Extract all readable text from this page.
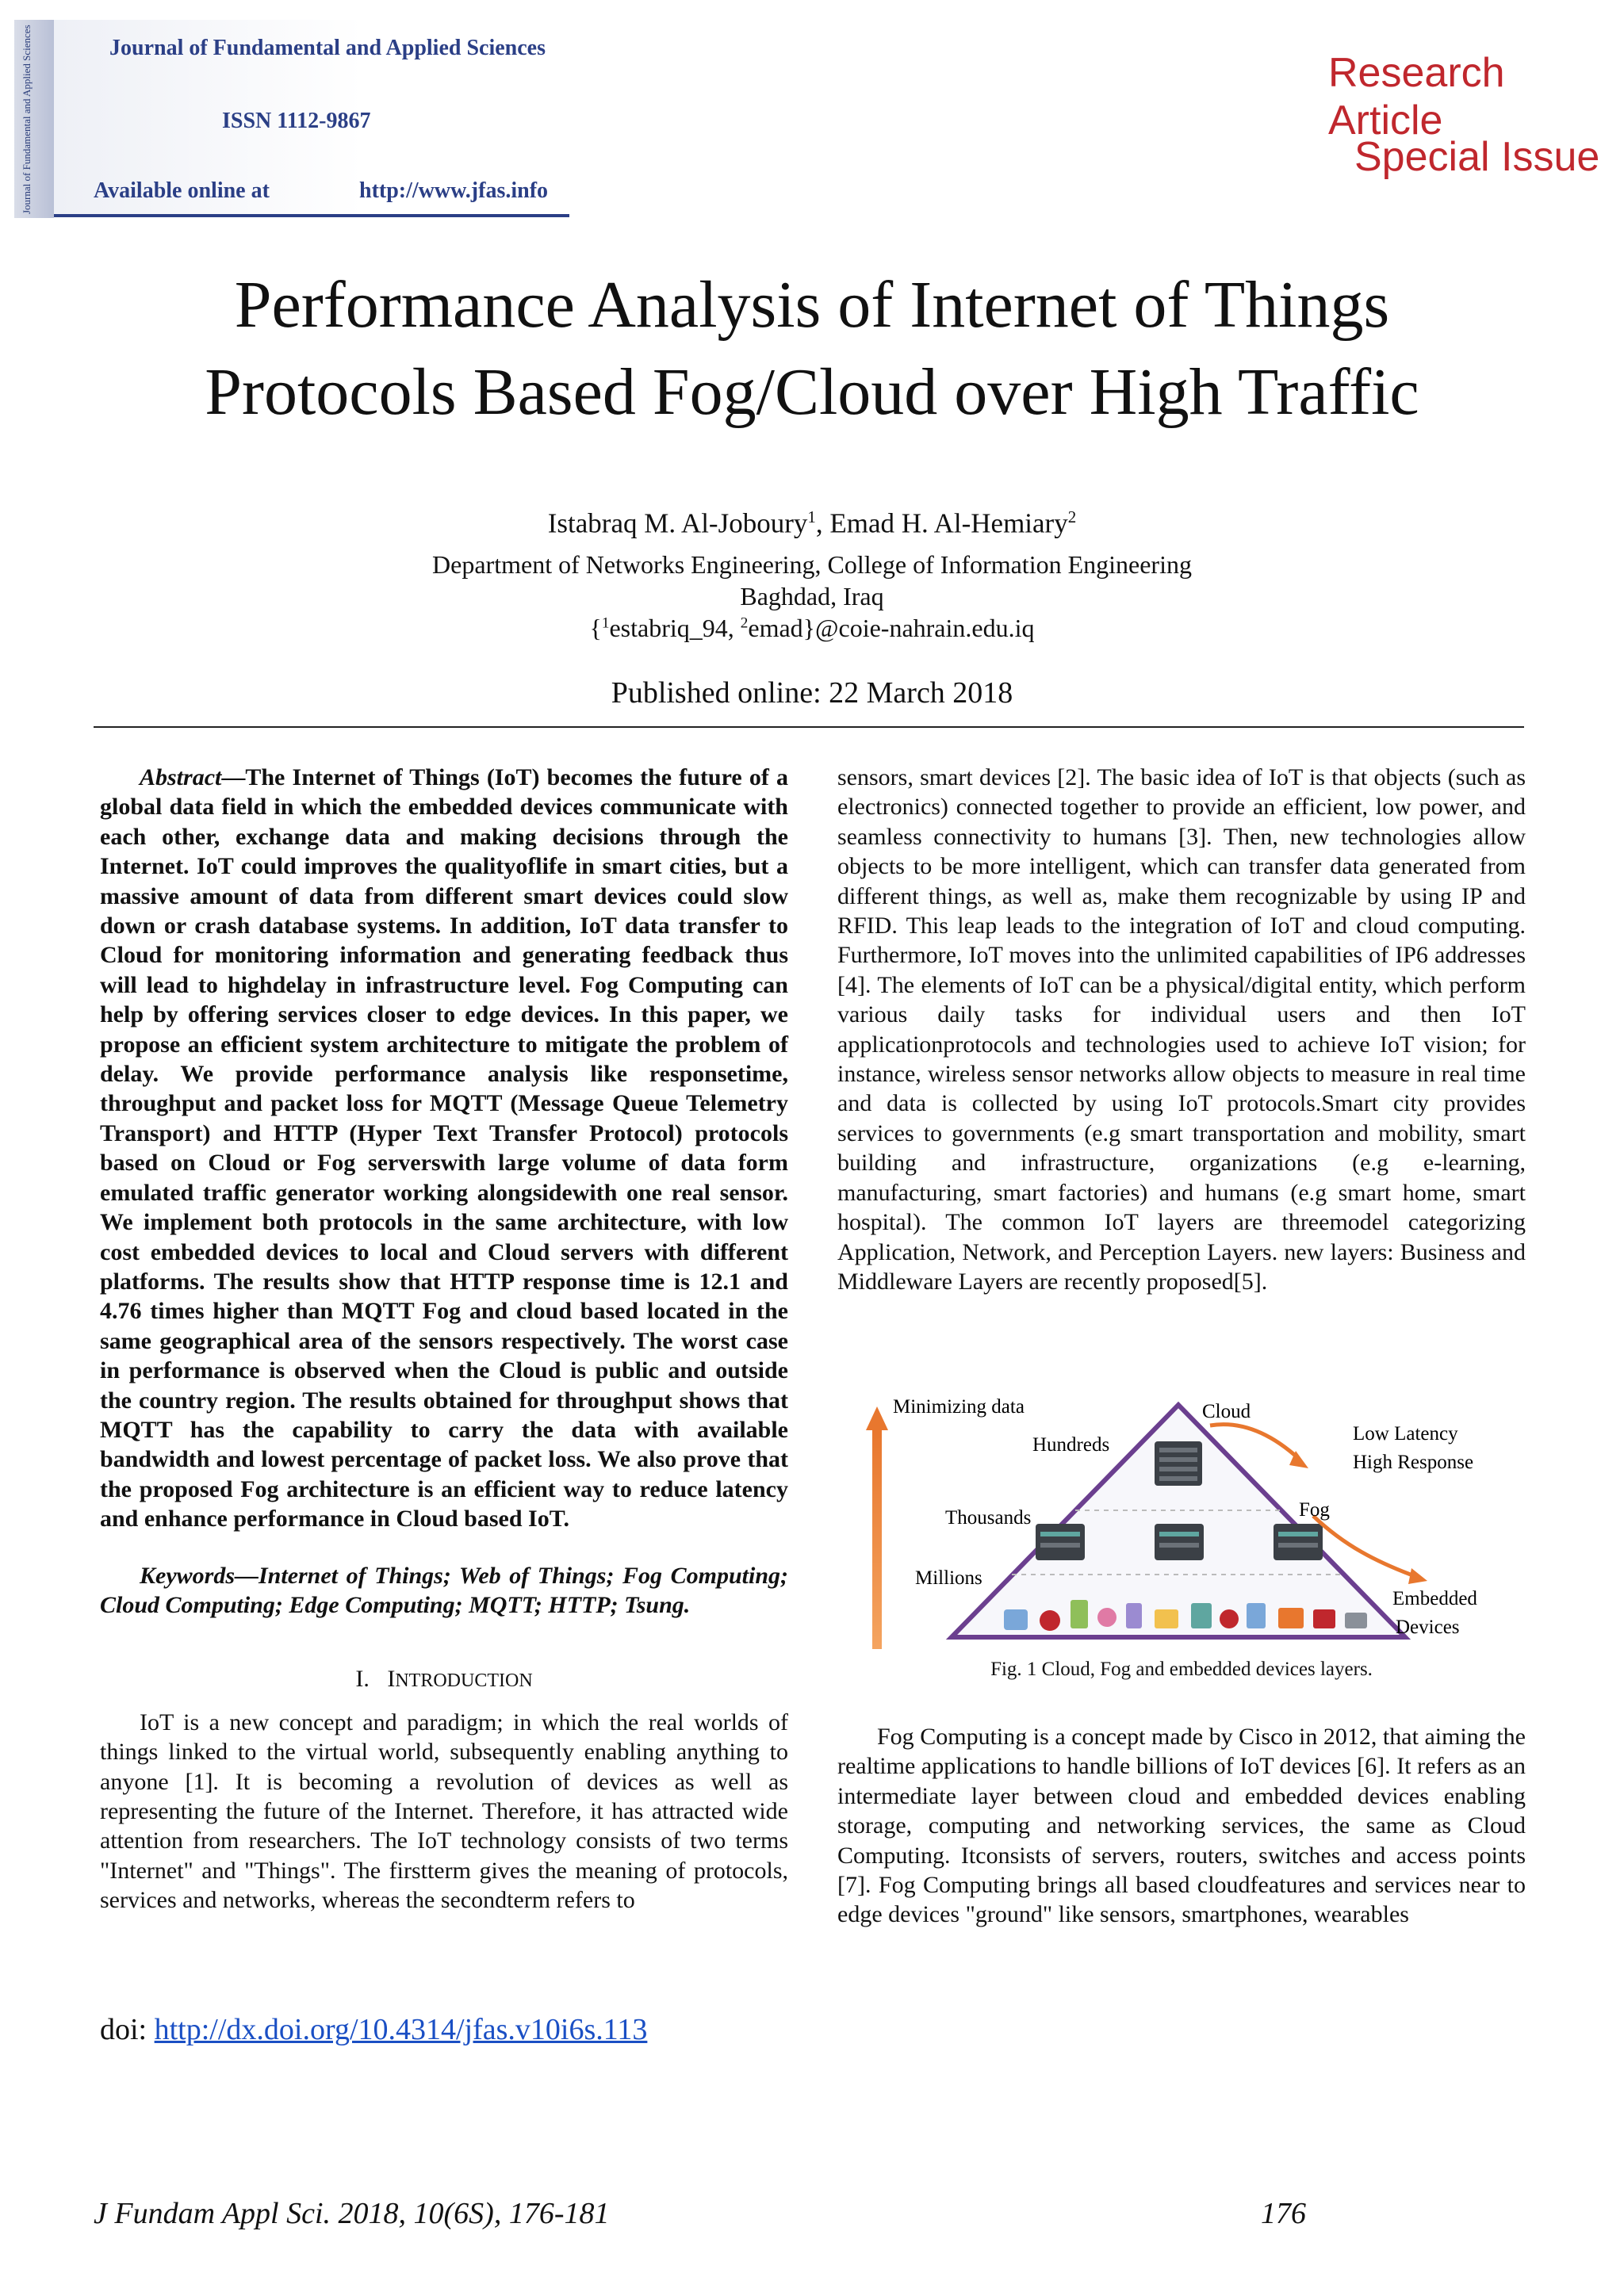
Journal of Fundamental and Applied Sciences	Journal of Fundamental and Applied Sciences
ISSN 1112-9867
Available online at	http://www.jfas.info
Research Article
Special Issue
Performance Analysis of Internet of Things
Protocols Based Fog/Cloud over High Traffic
Istabraq M. Al-Joboury$^1$, Emad H. Al-Hemiary$^2$
Department of Networks Engineering, College of Information Engineering
Baghdad, Iraq
{$^1$estabriq_94, $^2$emad}@coie-nahrain.edu.iq
Published online: 22 March 2018

Abstract—The Internet of Things (IoT) becomes the future of a global data field in which the embedded devices communicate with each other, exchange data and making decisions through the Internet. IoT could improves the qualityoflife in smart cities, but a massive amount of data from different smart devices could slow down or crash database systems. In addition, IoT data transfer to Cloud for monitoring information and generating feedback thus will lead to highdelay in infrastructure level. Fog Computing can help by offering services closer to edge devices. In this paper, we propose an efficient system architecture to mitigate the problem of delay. We provide performance analysis like responsetime, throughput and packet loss for MQTT (Message Queue Telemetry Transport) and HTTP (Hyper Text Transfer Protocol) protocols based on Cloud or Fog serverswith large volume of data form emulated traffic generator working alongsidewith one real sensor. We implement both protocols in the same architecture, with low cost embedded devices to local and Cloud servers with different platforms. The results show that HTTP response time is 12.1 and 4.76 times higher than MQTT Fog and cloud based located in the same geographical area of the sensors respectively. The worst case in performance is observed when the Cloud is public and outside the country region. The results obtained for throughput shows that MQTT has the capability to carry the data with available bandwidth and lowest percentage of packet loss. We also prove that the proposed Fog architecture is an efficient way to reduce latency and enhance performance in Cloud based IoT.

Keywords—Internet of Things; Web of Things; Fog Computing; Cloud Computing; Edge Computing; MQTT; HTTP; Tsung.

I. INTRODUCTION

IoT is a new concept and paradigm; in which the real worlds of things linked to the virtual world, subsequently enabling anything to anyone [1]. It is becoming a revolution of devices as well as representing the future of the Internet. Therefore, it has attracted wide attention from researchers. The IoT technology consists of two terms "Internet" and "Things". The firstterm gives the meaning of protocols, services and networks, whereas the secondterm refers to

sensors, smart devices [2]. The basic idea of IoT is that objects (such as electronics) connected together to provide an efficient, low power, and seamless connectivity to humans [3]. Then, new technologies allow objects to be more intelligent, which can transfer data generated from different things, as well as, make them recognizable by using IP and RFID. This leap leads to the integration of IoT and cloud computing. Furthermore, IoT moves into the unlimited capabilities of IP6 addresses [4]. The elements of IoT can be a physical/digital entity, which perform various daily tasks for individual users and then IoT applicationprotocols and technologies used to achieve IoT vision; for instance, wireless sensor networks allow objects to measure in real time and data is collected by using IoT protocols.Smart city provides services to governments (e.g smart transportation and mobility, smart building and infrastructure, organizations (e.g e-learning, manufacturing, smart factories) and humans (e.g smart home, smart hospital). The common IoT layers are threemodel categorizing Application, Network, and Perception Layers. new layers: Business and Middleware Layers are recently proposed[5].

Minimizing data	Cloud
Hundreds
Low Latency
High Response
Thousands	Fog
Millions
Embedded
Devices
Fig. 1 Cloud, Fog and embedded devices layers.

Fog Computing is a concept made by Cisco in 2012, that aiming the realtime applications to handle billions of IoT devices [6]. It refers as an intermediate layer between cloud and embedded devices enabling storage, computing and networking services, the same as Cloud Computing. Itconsists of servers, routers, switches and access points [7]. Fog Computing brings all based cloudfeatures and services near to edge devices "ground" like sensors, smartphones, wearables

doi: http://dx.doi.org/10.4314/jfas.v10i6s.113
J Fundam Appl Sci. 2018, 10(6S), 176-181	176
